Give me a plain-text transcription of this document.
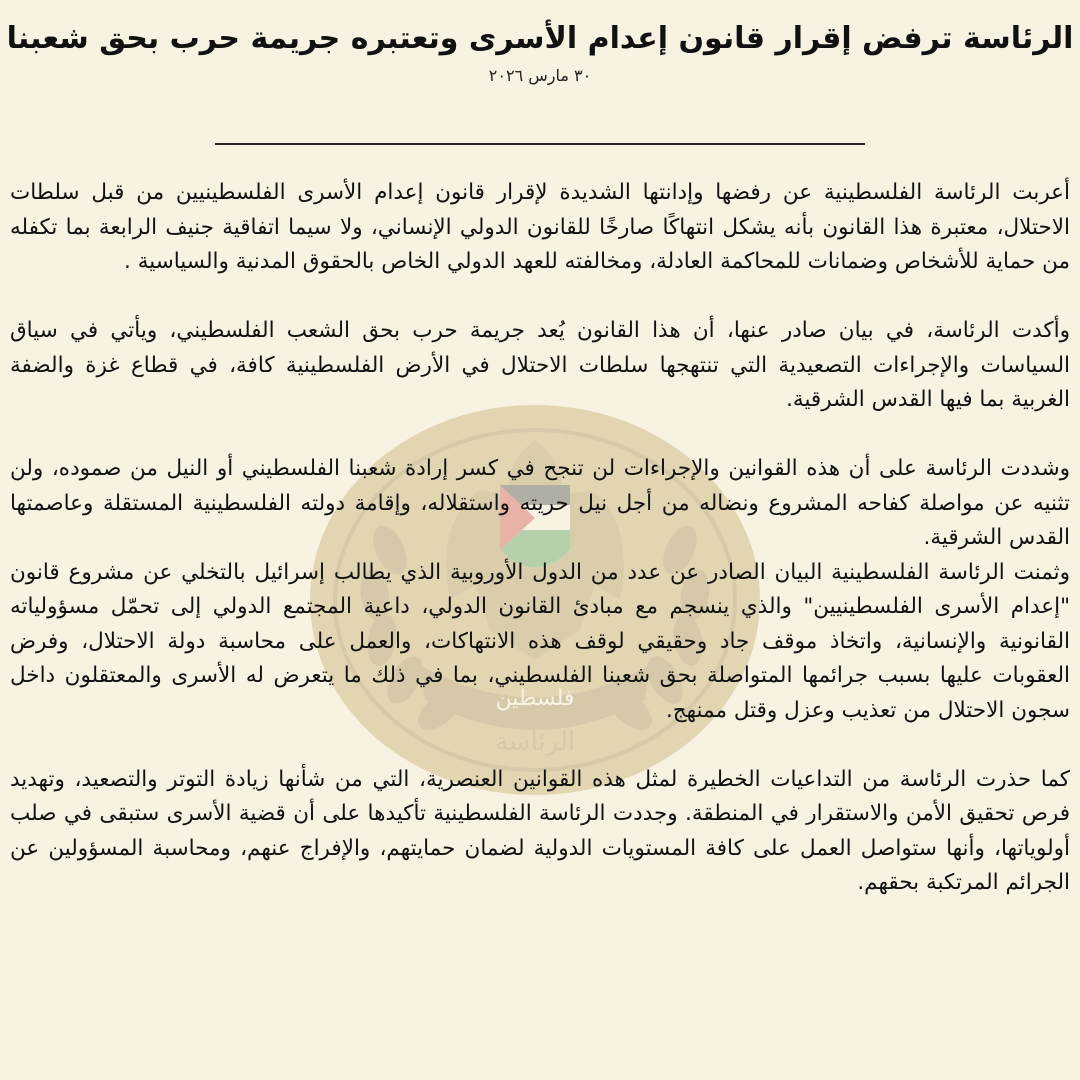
فلسطين
الرئاسة
الرئاسة ترفض إقرار قانون إعدام الأسرى وتعتبره جريمة حرب بحق شعبنا
٣٠ مارس ٢٠٢٦

أعربت الرئاسة الفلسطينية عن رفضها وإدانتها الشديدة لإقرار قانون إعدام الأسرى الفلسطينيين من قبل سلطات الاحتلال، معتبرة هذا القانون بأنه يشكل انتهاكًا صارخًا للقانون الدولي الإنساني، ولا سيما اتفاقية جنيف الرابعة بما تكفله من حماية للأشخاص وضمانات للمحاكمة العادلة، ومخالفته للعهد الدولي الخاص بالحقوق المدنية والسياسية .

وأكدت الرئاسة، في بيان صادر عنها، أن هذا القانون يُعد جريمة حرب بحق الشعب الفلسطيني، ويأتي في سياق السياسات والإجراءات التصعيدية التي تنتهجها سلطات الاحتلال في الأرض الفلسطينية كافة، في قطاع غزة والضفة الغربية بما فيها القدس الشرقية.

وشددت الرئاسة على أن هذه القوانين والإجراءات لن تنجح في كسر إرادة شعبنا الفلسطيني أو النيل من صموده، ولن تثنيه عن مواصلة كفاحه المشروع ونضاله من أجل نيل حريته واستقلاله، وإقامة دولته الفلسطينية المستقلة وعاصمتها القدس الشرقية.

وثمنت الرئاسة الفلسطينية البيان الصادر عن عدد من الدول الأوروبية الذي يطالب إسرائيل بالتخلي عن مشروع قانون "إعدام الأسرى الفلسطينيين" والذي ينسجم مع مبادئ القانون الدولي، داعية المجتمع الدولي إلى تحمّل مسؤولياته القانونية والإنسانية، واتخاذ موقف جاد وحقيقي لوقف هذه الانتهاكات، والعمل على محاسبة دولة الاحتلال، وفرض العقوبات عليها بسبب جرائمها المتواصلة بحق شعبنا الفلسطيني، بما في ذلك ما يتعرض له الأسرى والمعتقلون داخل سجون الاحتلال من تعذيب وعزل وقتل ممنهج.

كما حذرت الرئاسة من التداعيات الخطيرة لمثل هذه القوانين العنصرية، التي من شأنها زيادة التوتر والتصعيد، وتهديد فرص تحقيق الأمن والاستقرار في المنطقة. وجددت الرئاسة الفلسطينية تأكيدها على أن قضية الأسرى ستبقى في صلب أولوياتها، وأنها ستواصل العمل على كافة المستويات الدولية لضمان حمايتهم، والإفراج عنهم، ومحاسبة المسؤولين عن الجرائم المرتكبة بحقهم.
